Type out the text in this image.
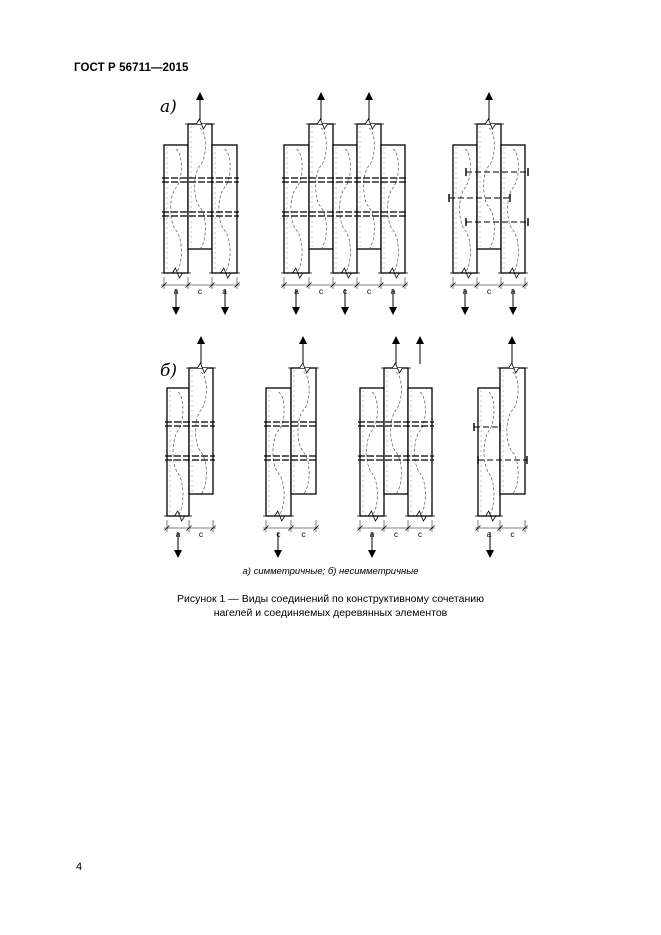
ГОСТ Р 56711—2015
а)
б)
a c a	a c c c a	a c a
a c	c c	a c c	a c
а) симметричные; б) несимметричные
Рисунок 1 — Виды соединений по конструктивному сочетанию
нагелей и соединяемых деревянных элементов
4
